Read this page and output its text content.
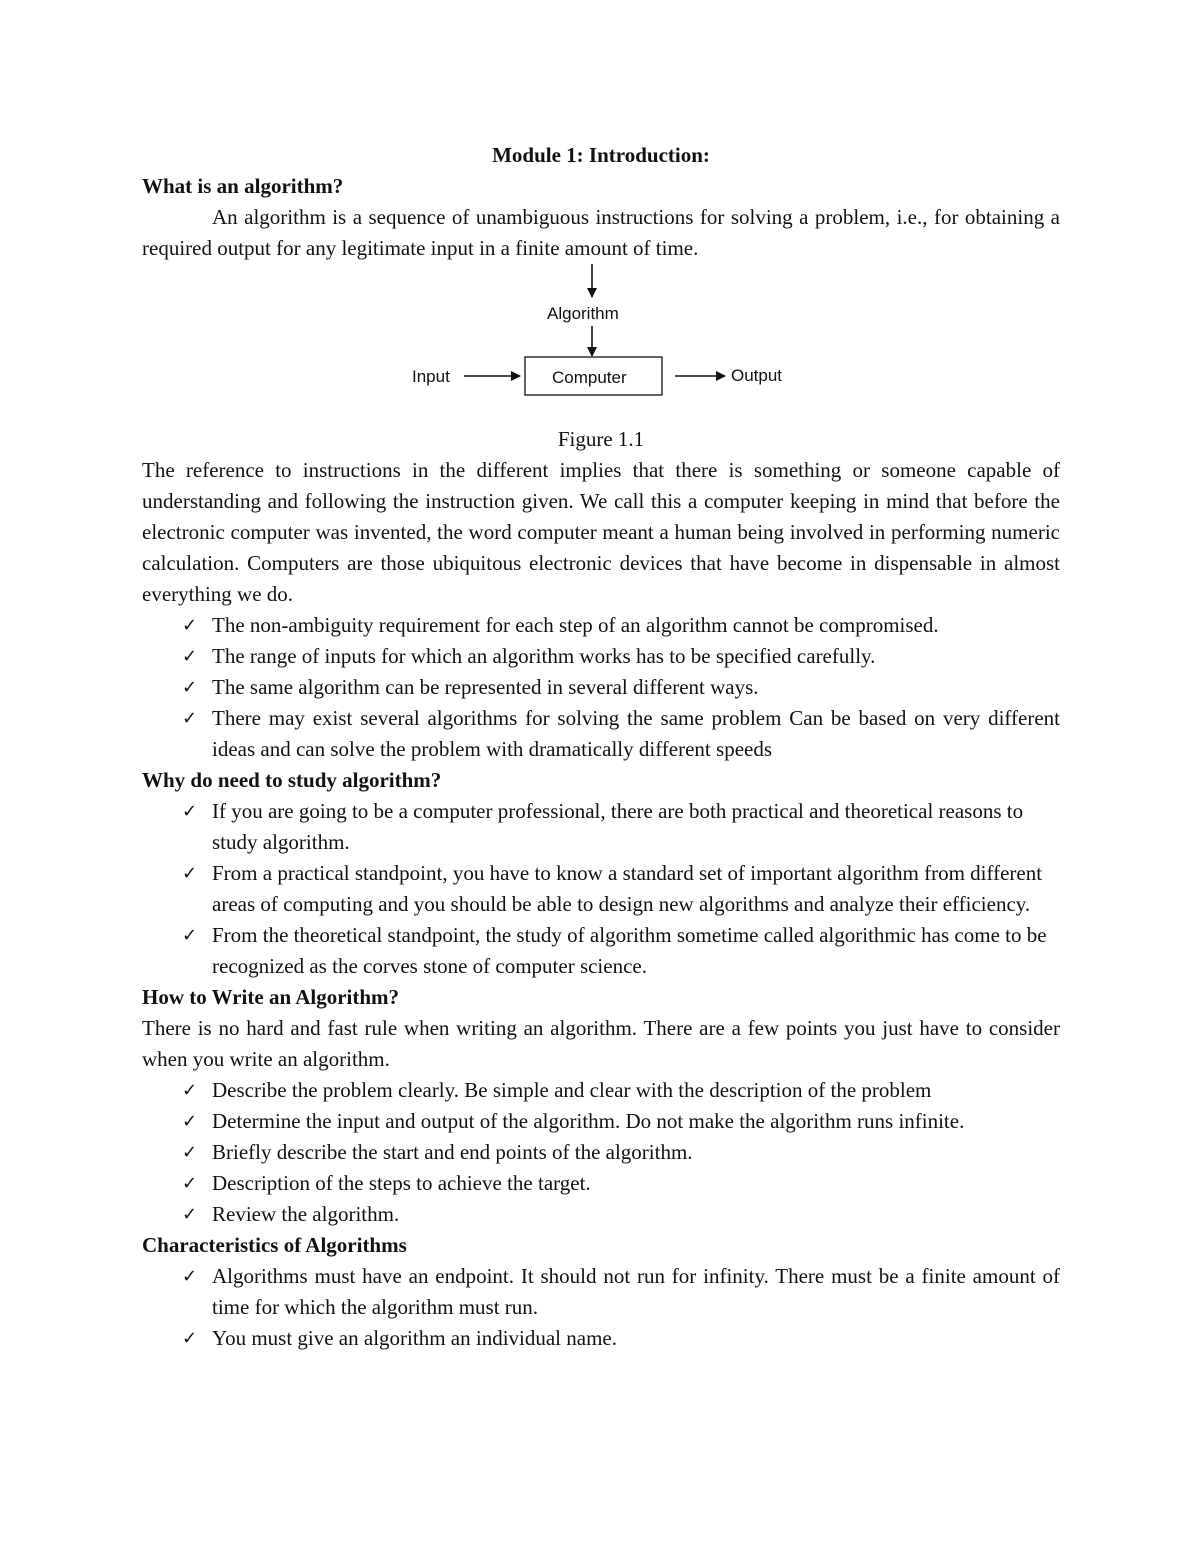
Module 1: Introduction:

What is an algorithm?

An algorithm is a sequence of unambiguous instructions for solving a problem, i.e., for obtaining a required output for any legitimate input in a finite amount of time.

Algorithm
Computer
Input	Output

Figure 1.1

The reference to instructions in the different implies that there is something or someone capable of understanding and following the instruction given. We call this a computer keeping in mind that before the electronic computer was invented, the word computer meant a human being involved in performing numeric calculation. Computers are those ubiquitous electronic devices that have become in dispensable in almost everything we do.

✓ The non-ambiguity requirement for each step of an algorithm cannot be compromised.
✓ The range of inputs for which an algorithm works has to be specified carefully.
✓ The same algorithm can be represented in several different ways.
✓ There may exist several algorithms for solving the same problem Can be based on very different ideas and can solve the problem with dramatically different speeds

Why do need to study algorithm?

✓ If you are going to be a computer professional, there are both practical and theoretical reasons to study algorithm.
✓ From a practical standpoint, you have to know a standard set of important algorithm from different areas of computing and you should be able to design new algorithms and analyze their efficiency.
✓ From the theoretical standpoint, the study of algorithm sometime called algorithmic has come to be recognized as the corves stone of computer science.

How to Write an Algorithm?

There is no hard and fast rule when writing an algorithm. There are a few points you just have to consider when you write an algorithm.

✓ Describe the problem clearly. Be simple and clear with the description of the problem
✓ Determine the input and output of the algorithm. Do not make the algorithm runs infinite.
✓ Briefly describe the start and end points of the algorithm.
✓ Description of the steps to achieve the target.
✓ Review the algorithm.

Characteristics of Algorithms

✓ Algorithms must have an endpoint. It should not run for infinity. There must be a finite amount of time for which the algorithm must run.
✓ You must give an algorithm an individual name.
